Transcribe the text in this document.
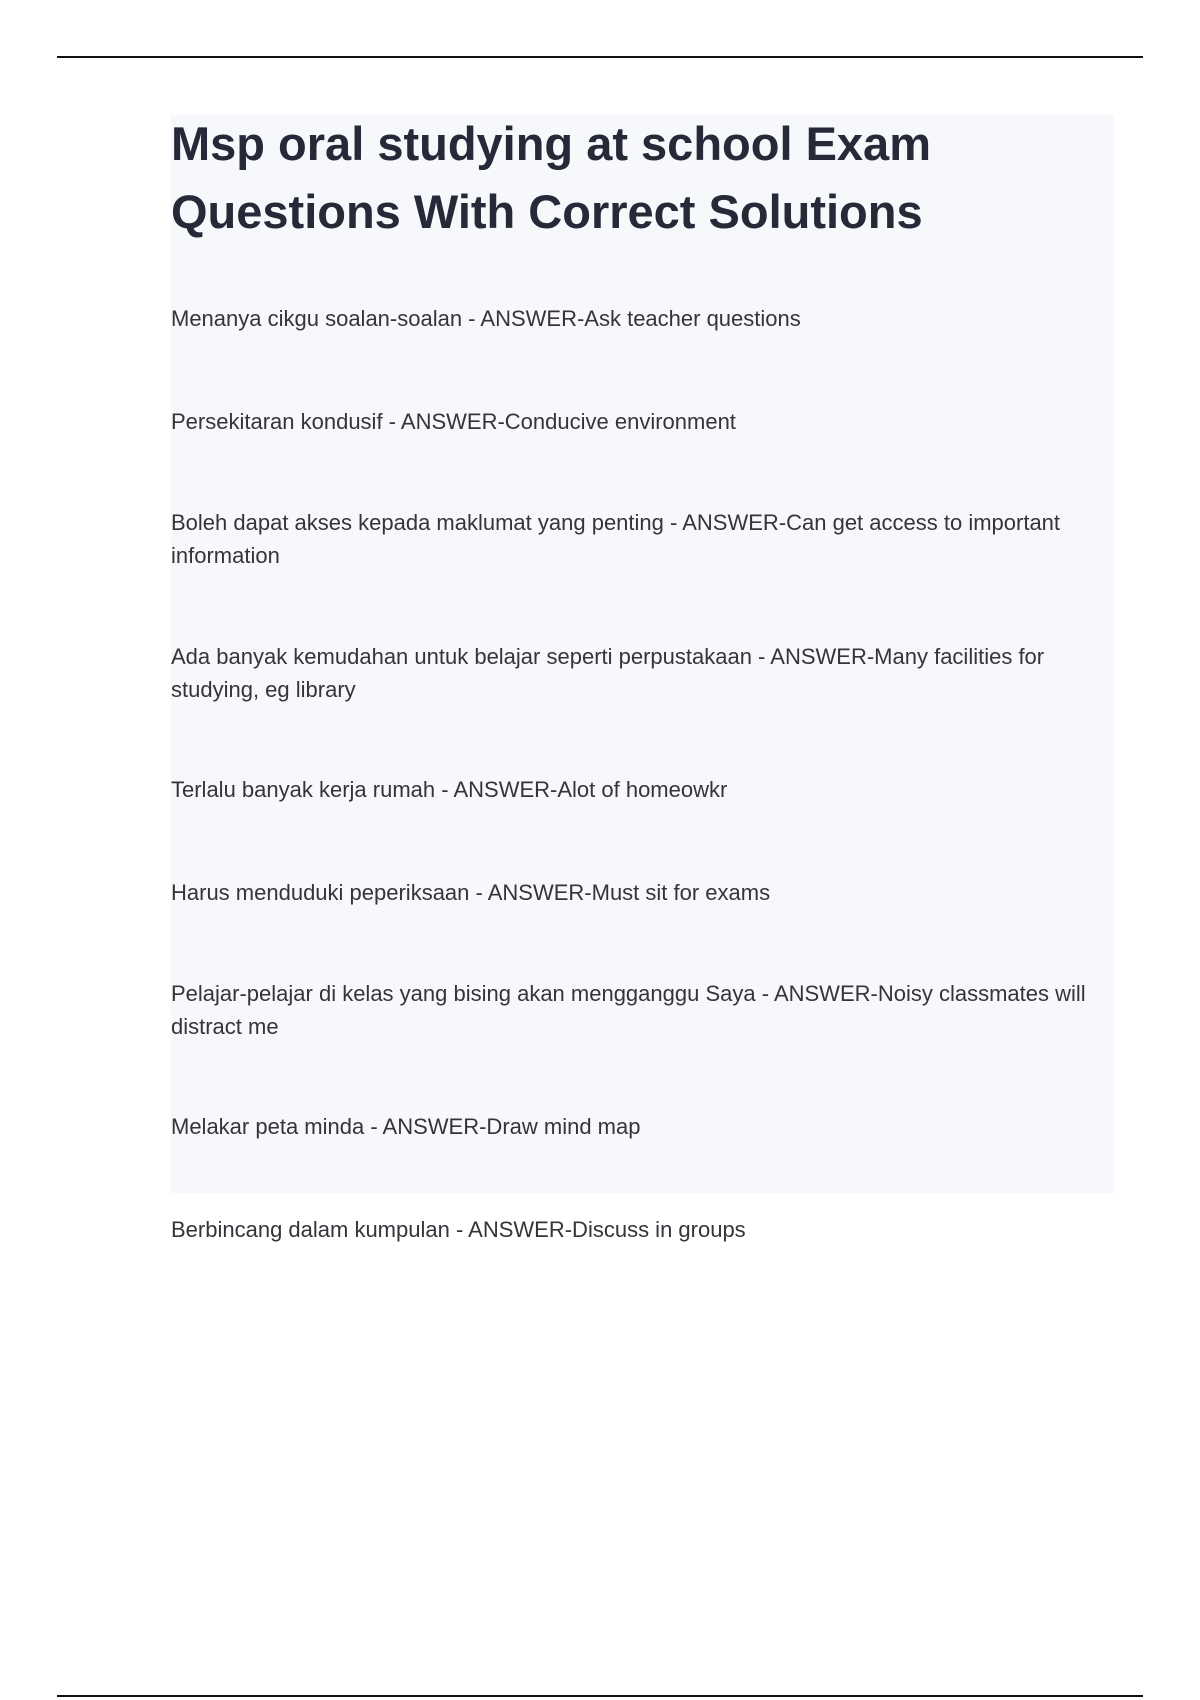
Msp oral studying at school Exam Questions With Correct Solutions

Menanya cikgu soalan-soalan - ANSWER-Ask teacher questions

Persekitaran kondusif - ANSWER-Conducive environment

Boleh dapat akses kepada maklumat yang penting - ANSWER-Can get access to important information

Ada banyak kemudahan untuk belajar seperti perpustakaan - ANSWER-Many facilities for studying, eg library

Terlalu banyak kerja rumah - ANSWER-Alot of homeowkr

Harus menduduki peperiksaan - ANSWER-Must sit for exams

Pelajar-pelajar di kelas yang bising akan mengganggu Saya - ANSWER-Noisy classmates will distract me

Melakar peta minda - ANSWER-Draw mind map

Berbincang dalam kumpulan - ANSWER-Discuss in groups
